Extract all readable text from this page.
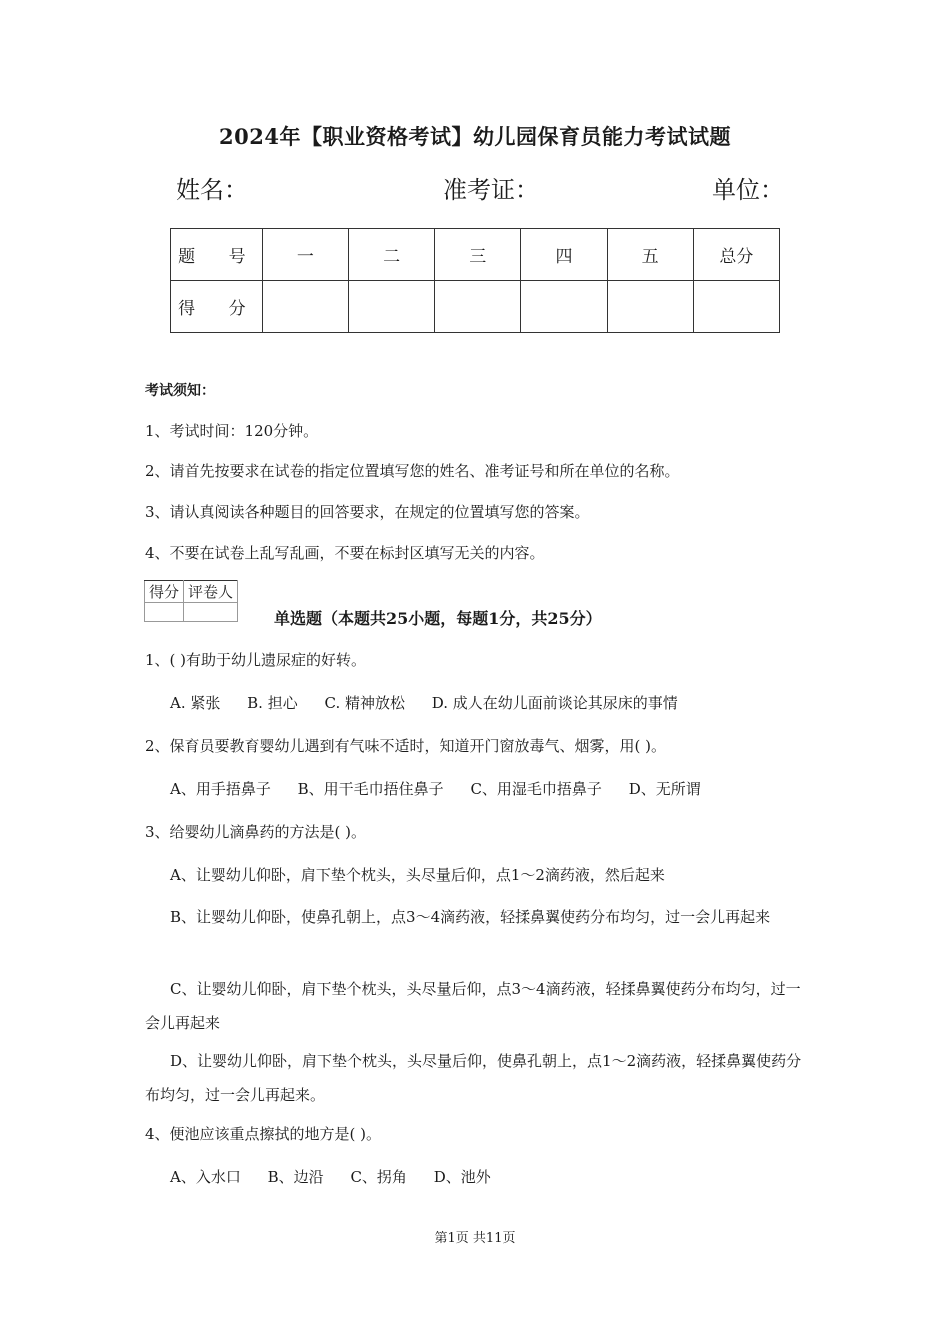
2024年【职业资格考试】幼儿园保育员能力考试试题
姓名：	准考证：	单位：
题 号	一	二	三	四	五	总分
得 分						
考试须知：
1、考试时间：120分钟。
2、请首先按要求在试卷的指定位置填写您的姓名、准考证号和所在单位的名称。
3、请认真阅读各种题目的回答要求，在规定的位置填写您的答案。
4、不要在试卷上乱写乱画，不要在标封区填写无关的内容。
得分	评卷人

单选题（本题共25小题，每题1分，共25分）
1、( )有助于幼儿遗尿症的好转。
A. 紧张 B. 担心 C. 精神放松 D. 成人在幼儿面前谈论其尿床的事情
2、保育员要教育婴幼儿遇到有气味不适时，知道开门窗放毒气、烟雾，用( )。
A、用手捂鼻子 B、用干毛巾捂住鼻子 C、用湿毛巾捂鼻子 D、无所谓
3、给婴幼儿滴鼻药的方法是( )。
A、让婴幼儿仰卧，肩下垫个枕头，头尽量后仰，点1～2滴药液，然后起来
B、让婴幼儿仰卧，使鼻孔朝上，点3～4滴药液，轻揉鼻翼使药分布均匀，过一会儿再起来
C、让婴幼儿仰卧，肩下垫个枕头，头尽量后仰，点3～4滴药液，轻揉鼻翼使药分布均匀，过一会儿再起来
D、让婴幼儿仰卧，肩下垫个枕头，头尽量后仰，使鼻孔朝上，点1～2滴药液，轻揉鼻翼使药分布均匀，过一会儿再起来。
4、便池应该重点擦拭的地方是( )。
A、入水口 B、边沿 C、拐角 D、池外
第1页 共11页
